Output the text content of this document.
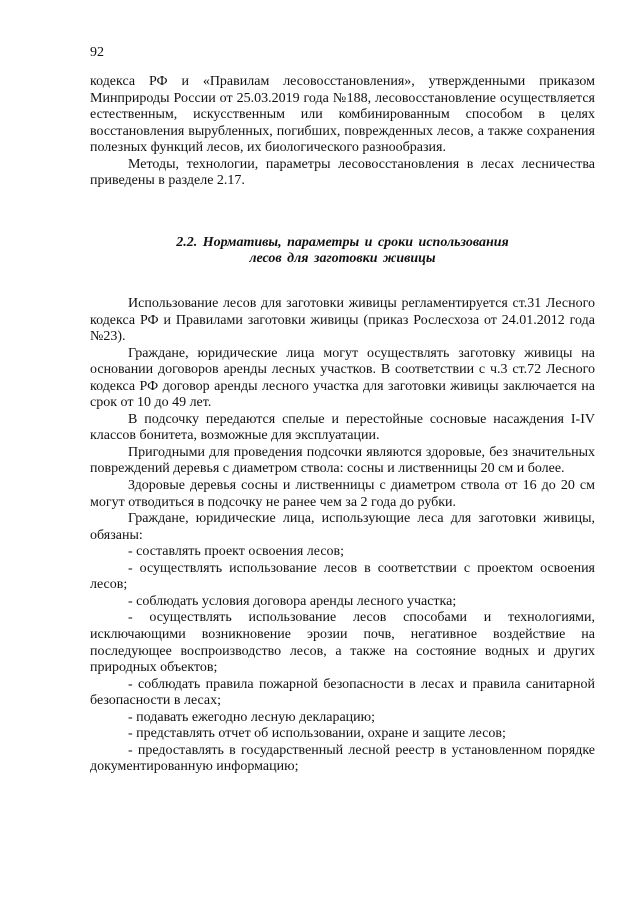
92

кодекса РФ и «Правилам лесовосстановления», утвержденными приказом Минприроды России от 25.03.2019 года №188, лесовосстановление осуществляется естественным, искусственным или комбинированным способом в целях восстановления вырубленных, погибших, поврежденных лесов, а также сохранения полезных функций лесов, их биологического разнообразия.

Методы, технологии, параметры лесовосстановления в лесах лесничества приведены в разделе 2.17.

2.2. Нормативы, параметры и сроки использования
лесов для заготовки живицы

Использование лесов для заготовки живицы регламентируется ст.31 Лесного кодекса РФ и Правилами заготовки живицы (приказ Рослесхоза от 24.01.2012 года №23).

Граждане, юридические лица могут осуществлять заготовку живицы на основании договоров аренды лесных участков. В соответствии с ч.3 ст.72 Лесного кодекса РФ договор аренды лесного участка для заготовки живицы заключается на срок от 10 до 49 лет.

В подсочку передаются спелые и перестойные сосновые насаждения I-IV классов бонитета, возможные для эксплуатации.

Пригодными для проведения подсочки являются здоровые, без значительных повреждений деревья с диаметром ствола: сосны и лиственницы 20 см и более.

Здоровые деревья сосны и лиственницы с диаметром ствола от 16 до 20 см могут отводиться в подсочку не ранее чем за 2 года до рубки.

Граждане, юридические лица, использующие леса для заготовки живицы, обязаны:

- составлять проект освоения лесов;

- осуществлять использование лесов в соответствии с проектом освоения лесов;

- соблюдать условия договора аренды лесного участка;

- осуществлять использование лесов способами и технологиями, исключающими возникновение эрозии почв, негативное воздействие на последующее воспроизводство лесов, а также на состояние водных и других природных объектов;

- соблюдать правила пожарной безопасности в лесах и правила санитарной безопасности в лесах;

- подавать ежегодно лесную декларацию;

- представлять отчет об использовании, охране и защите лесов;

- предоставлять в государственный лесной реестр в установленном порядке документированную информацию;
